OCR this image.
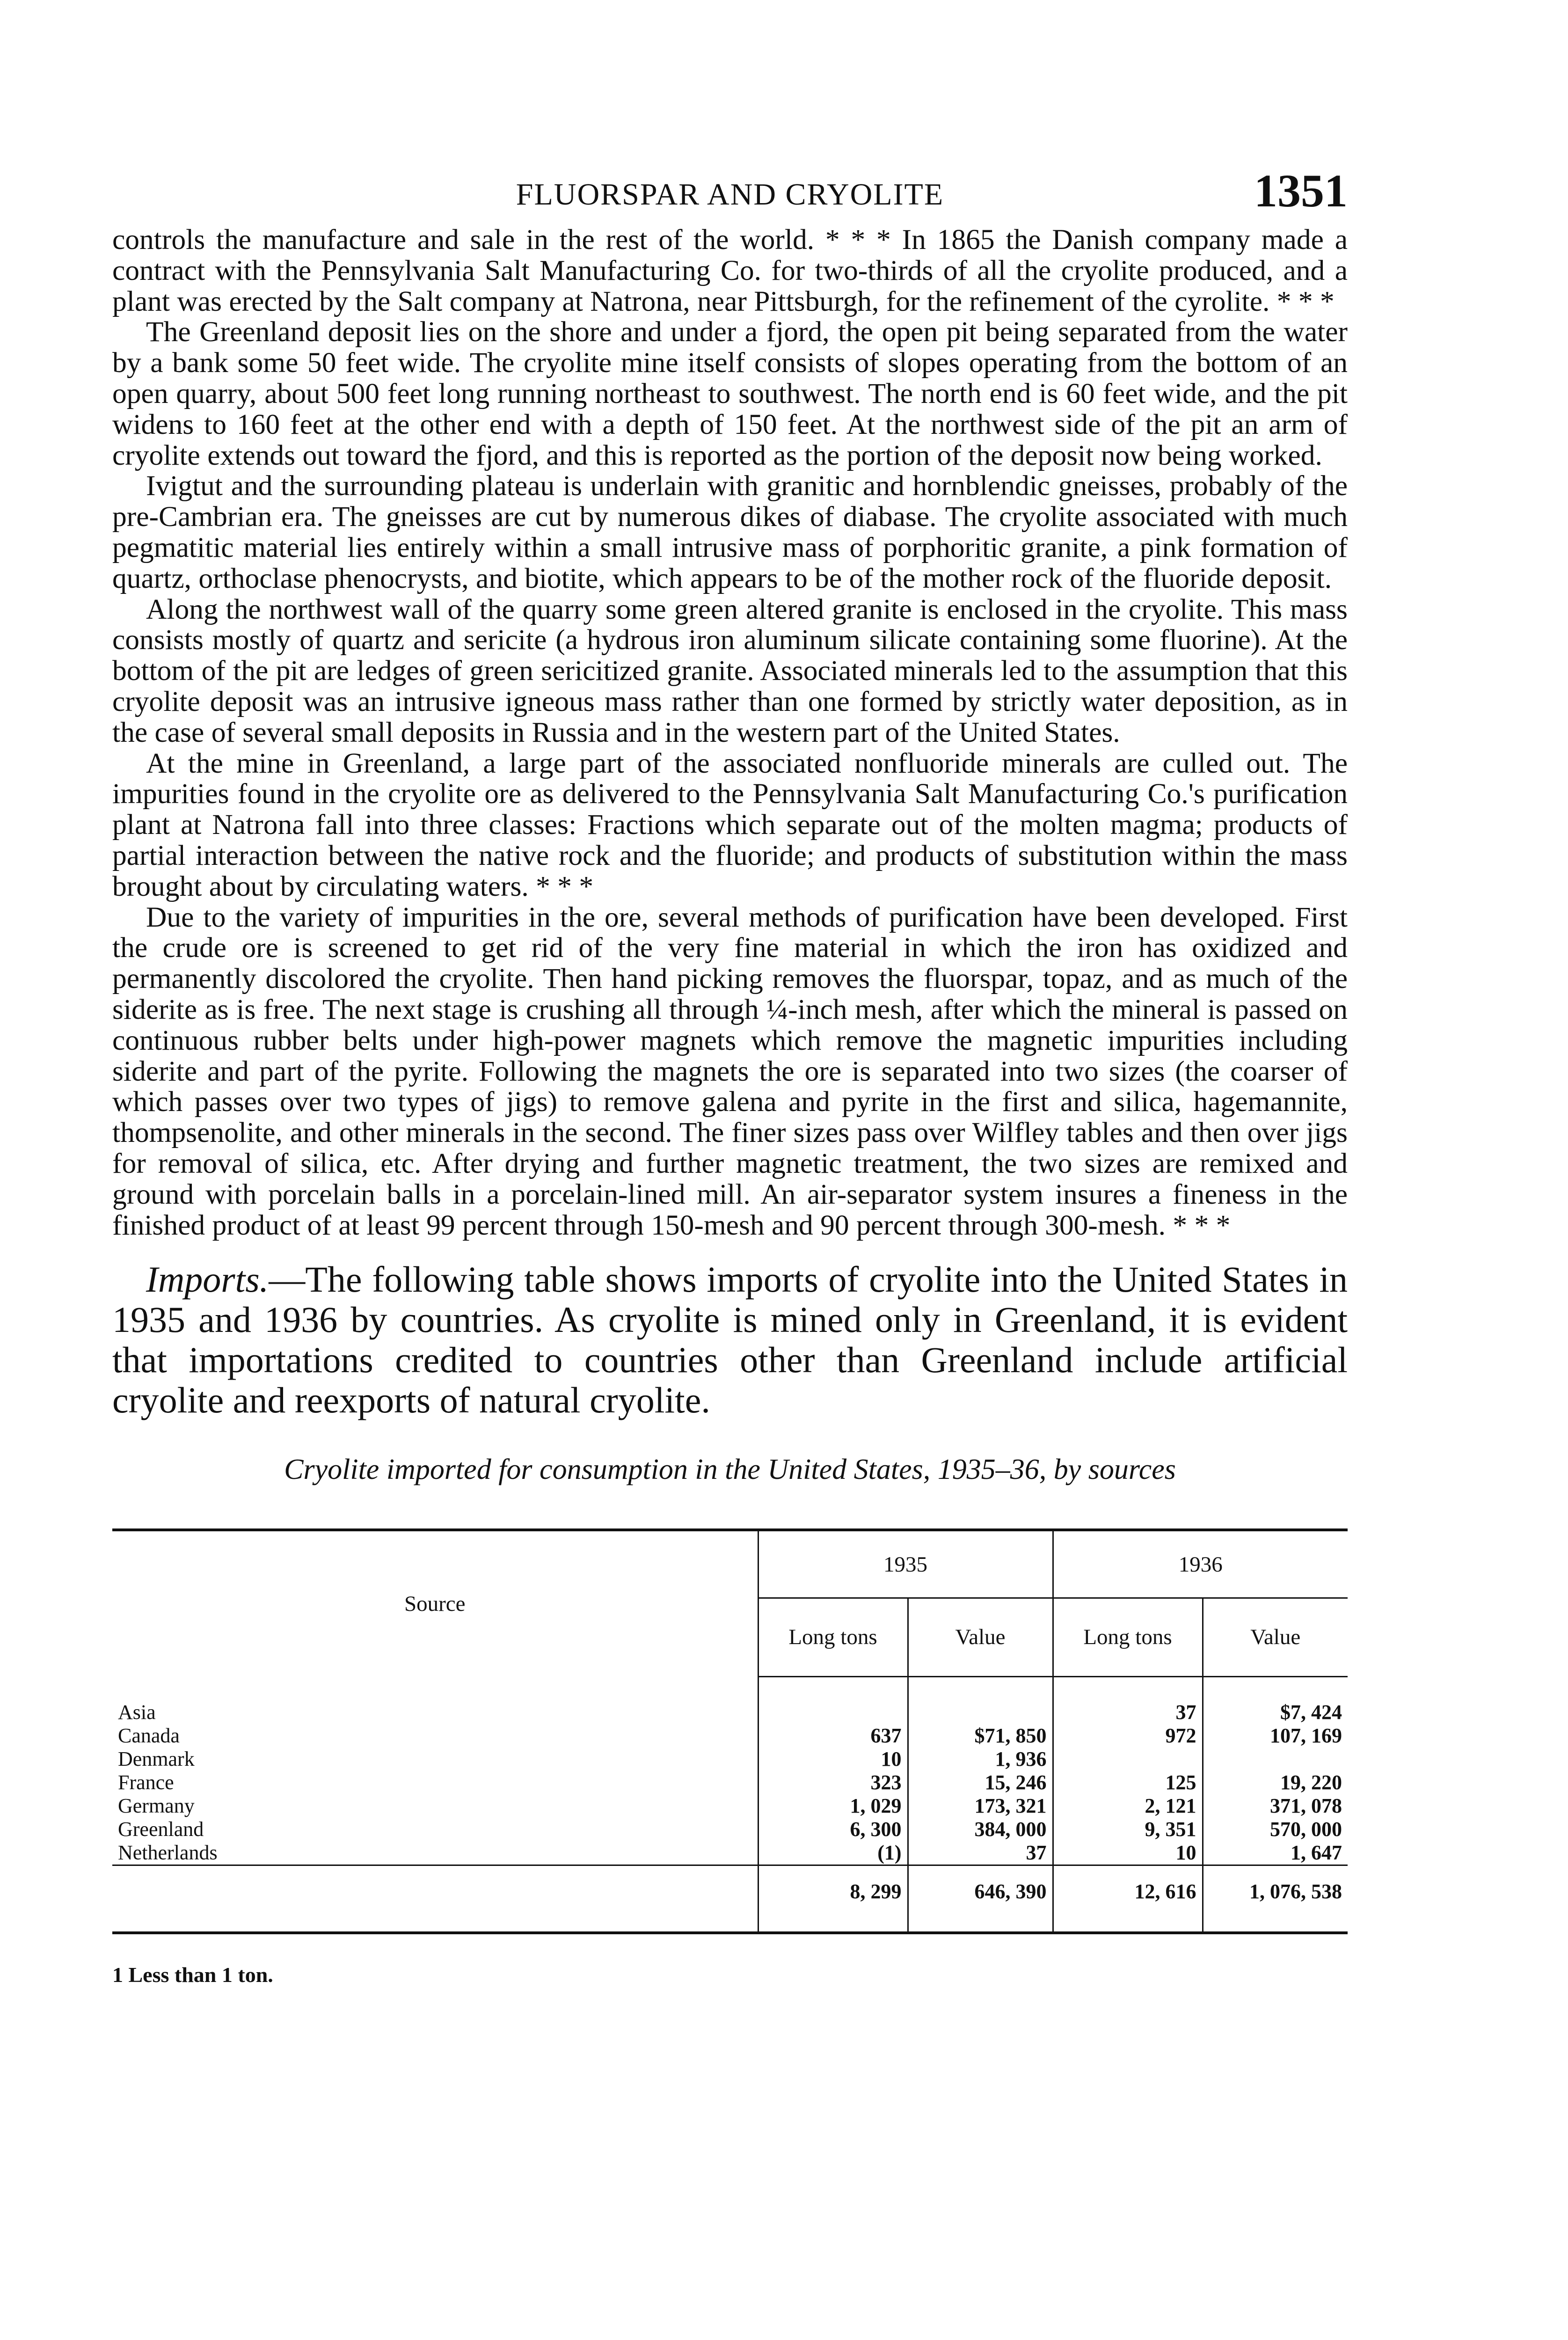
FLUORSPAR AND CRYOLITE	1351

controls the manufacture and sale in the rest of the world. * * * In 1865 the Danish company made a contract with the Pennsylvania Salt Manufacturing Co. for two-thirds of all the cryolite produced, and a plant was erected by the Salt company at Natrona, near Pittsburgh, for the refinement of the cyrolite. * * *

The Greenland deposit lies on the shore and under a fjord, the open pit being separated from the water by a bank some 50 feet wide. The cryolite mine itself consists of slopes operating from the bottom of an open quarry, about 500 feet long running northeast to southwest. The north end is 60 feet wide, and the pit widens to 160 feet at the other end with a depth of 150 feet. At the northwest side of the pit an arm of cryolite extends out toward the fjord, and this is reported as the portion of the deposit now being worked.

Ivigtut and the surrounding plateau is underlain with granitic and hornblendic gneisses, probably of the pre-Cambrian era. The gneisses are cut by numerous dikes of diabase. The cryolite associated with much pegmatitic material lies entirely within a small intrusive mass of porphoritic granite, a pink formation of quartz, orthoclase phenocrysts, and biotite, which appears to be of the mother rock of the fluoride deposit.

Along the northwest wall of the quarry some green altered granite is enclosed in the cryolite. This mass consists mostly of quartz and sericite (a hydrous iron aluminum silicate containing some fluorine). At the bottom of the pit are ledges of green sericitized granite. Associated minerals led to the assumption that this cryolite deposit was an intrusive igneous mass rather than one formed by strictly water deposition, as in the case of several small deposits in Russia and in the western part of the United States.

At the mine in Greenland, a large part of the associated nonfluoride minerals are culled out. The impurities found in the cryolite ore as delivered to the Pennsylvania Salt Manufacturing Co.'s purification plant at Natrona fall into three classes: Fractions which separate out of the molten magma; products of partial interaction between the native rock and the fluoride; and products of substitution within the mass brought about by circulating waters. * * *

Due to the variety of impurities in the ore, several methods of purification have been developed. First the crude ore is screened to get rid of the very fine material in which the iron has oxidized and permanently discolored the cryolite. Then hand picking removes the fluorspar, topaz, and as much of the siderite as is free. The next stage is crushing all through ¼-inch mesh, after which the mineral is passed on continuous rubber belts under high-power magnets which remove the magnetic impurities including siderite and part of the pyrite. Following the magnets the ore is separated into two sizes (the coarser of which passes over two types of jigs) to remove galena and pyrite in the first and silica, hagemannite, thompsenolite, and other minerals in the second. The finer sizes pass over Wilfley tables and then over jigs for removal of silica, etc. After drying and further magnetic treatment, the two sizes are remixed and ground with porcelain balls in a porcelain-lined mill. An air-separator system insures a fineness in the finished product of at least 99 percent through 150-mesh and 90 percent through 300-mesh. * * *

Imports.—The following table shows imports of cryolite into the United States in 1935 and 1936 by countries. As cryolite is mined only in Greenland, it is evident that importations credited to countries other than Greenland include artificial cryolite and reexports of natural cryolite.
Cryolite imported for consumption in the United States, 1935–36, by sources
Source	1935		1936	
	Long tons	Value	Long tons	Value

Asia			37	$7, 424
Canada	637	$71, 850	972	107, 169
Denmark	10	1, 936		
France	323	15, 246	125	19, 220
Germany	1, 029	173, 321	2, 121	371, 078
Greenland	6, 300	384, 000	9, 351	570, 000
Netherlands	(1)	37	10	1, 647
	8, 299	646, 390	12, 616	1, 076, 538

1 Less than 1 ton.
